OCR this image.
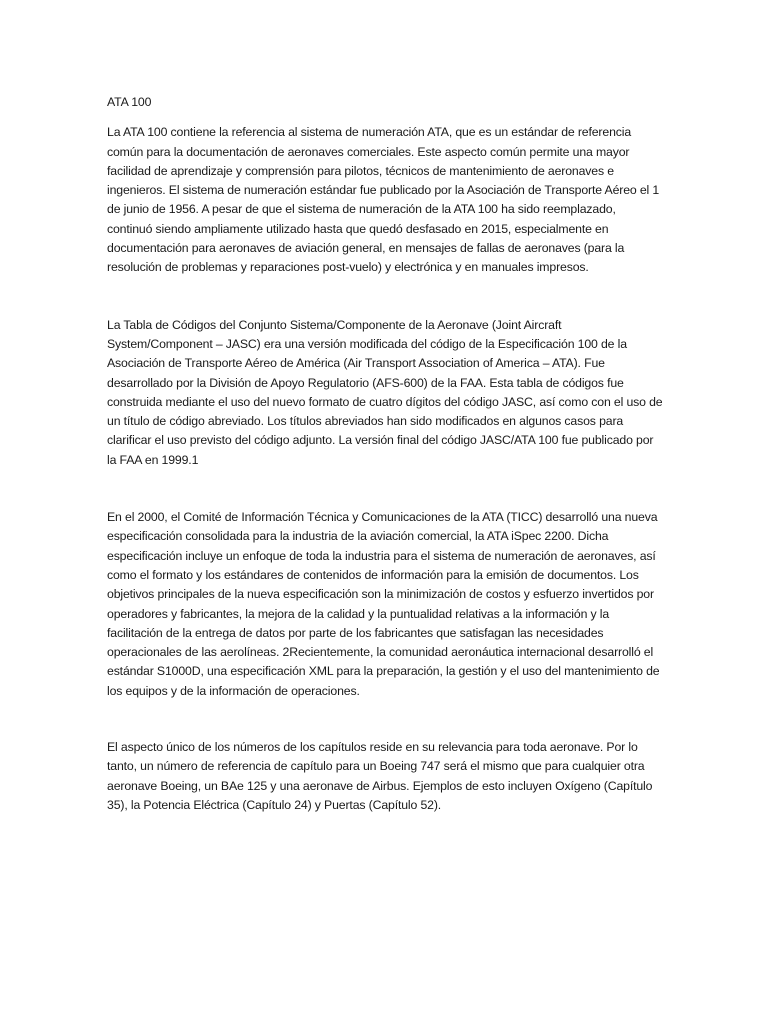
ATA 100

La ATA 100 contiene la referencia al sistema de numeración ATA, que es un estándar de referencia común para la documentación de aeronaves comerciales. Este aspecto común permite una mayor facilidad de aprendizaje y comprensión para pilotos, técnicos de mantenimiento de aeronaves e ingenieros. El sistema de numeración estándar fue publicado por la Asociación de Transporte Aéreo el 1 de junio de 1956. A pesar de que el sistema de numeración de la ATA 100 ha sido reemplazado, continuó siendo ampliamente utilizado hasta que quedó desfasado en 2015, especialmente en documentación para aeronaves de aviación general, en mensajes de fallas de aeronaves (para la resolución de problemas y reparaciones post-vuelo) y electrónica y en manuales impresos.

La Tabla de Códigos del Conjunto Sistema/Componente de la Aeronave (Joint Aircraft System/Component – JASC) era una versión modificada del código de la Especificación 100 de la Asociación de Transporte Aéreo de América (Air Transport Association of America – ATA). Fue desarrollado por la División de Apoyo Regulatorio (AFS-600) de la FAA. Esta tabla de códigos fue construida mediante el uso del nuevo formato de cuatro dígitos del código JASC, así como con el uso de un título de código abreviado. Los títulos abreviados han sido modificados en algunos casos para clarificar el uso previsto del código adjunto. La versión final del código JASC/ATA 100 fue publicado por la FAA en 1999.1

En el 2000, el Comité de Información Técnica y Comunicaciones de la ATA (TICC) desarrolló una nueva especificación consolidada para la industria de la aviación comercial, la ATA iSpec 2200. Dicha especificación incluye un enfoque de toda la industria para el sistema de numeración de aeronaves, así como el formato y los estándares de contenidos de información para la emisión de documentos. Los objetivos principales de la nueva especificación son la minimización de costos y esfuerzo invertidos por operadores y fabricantes, la mejora de la calidad y la puntualidad relativas a la información y la facilitación de la entrega de datos por parte de los fabricantes que satisfagan las necesidades operacionales de las aerolíneas. 2Recientemente, la comunidad aeronáutica internacional desarrolló el estándar S1000D, una especificación XML para la preparación, la gestión y el uso del mantenimiento de los equipos y de la información de operaciones.

El aspecto único de los números de los capítulos reside en su relevancia para toda aeronave. Por lo tanto, un número de referencia de capítulo para un Boeing 747 será el mismo que para cualquier otra aeronave Boeing, un BAe 125 y una aeronave de Airbus. Ejemplos de esto incluyen Oxígeno (Capítulo 35), la Potencia Eléctrica (Capítulo 24) y Puertas (Capítulo 52).
